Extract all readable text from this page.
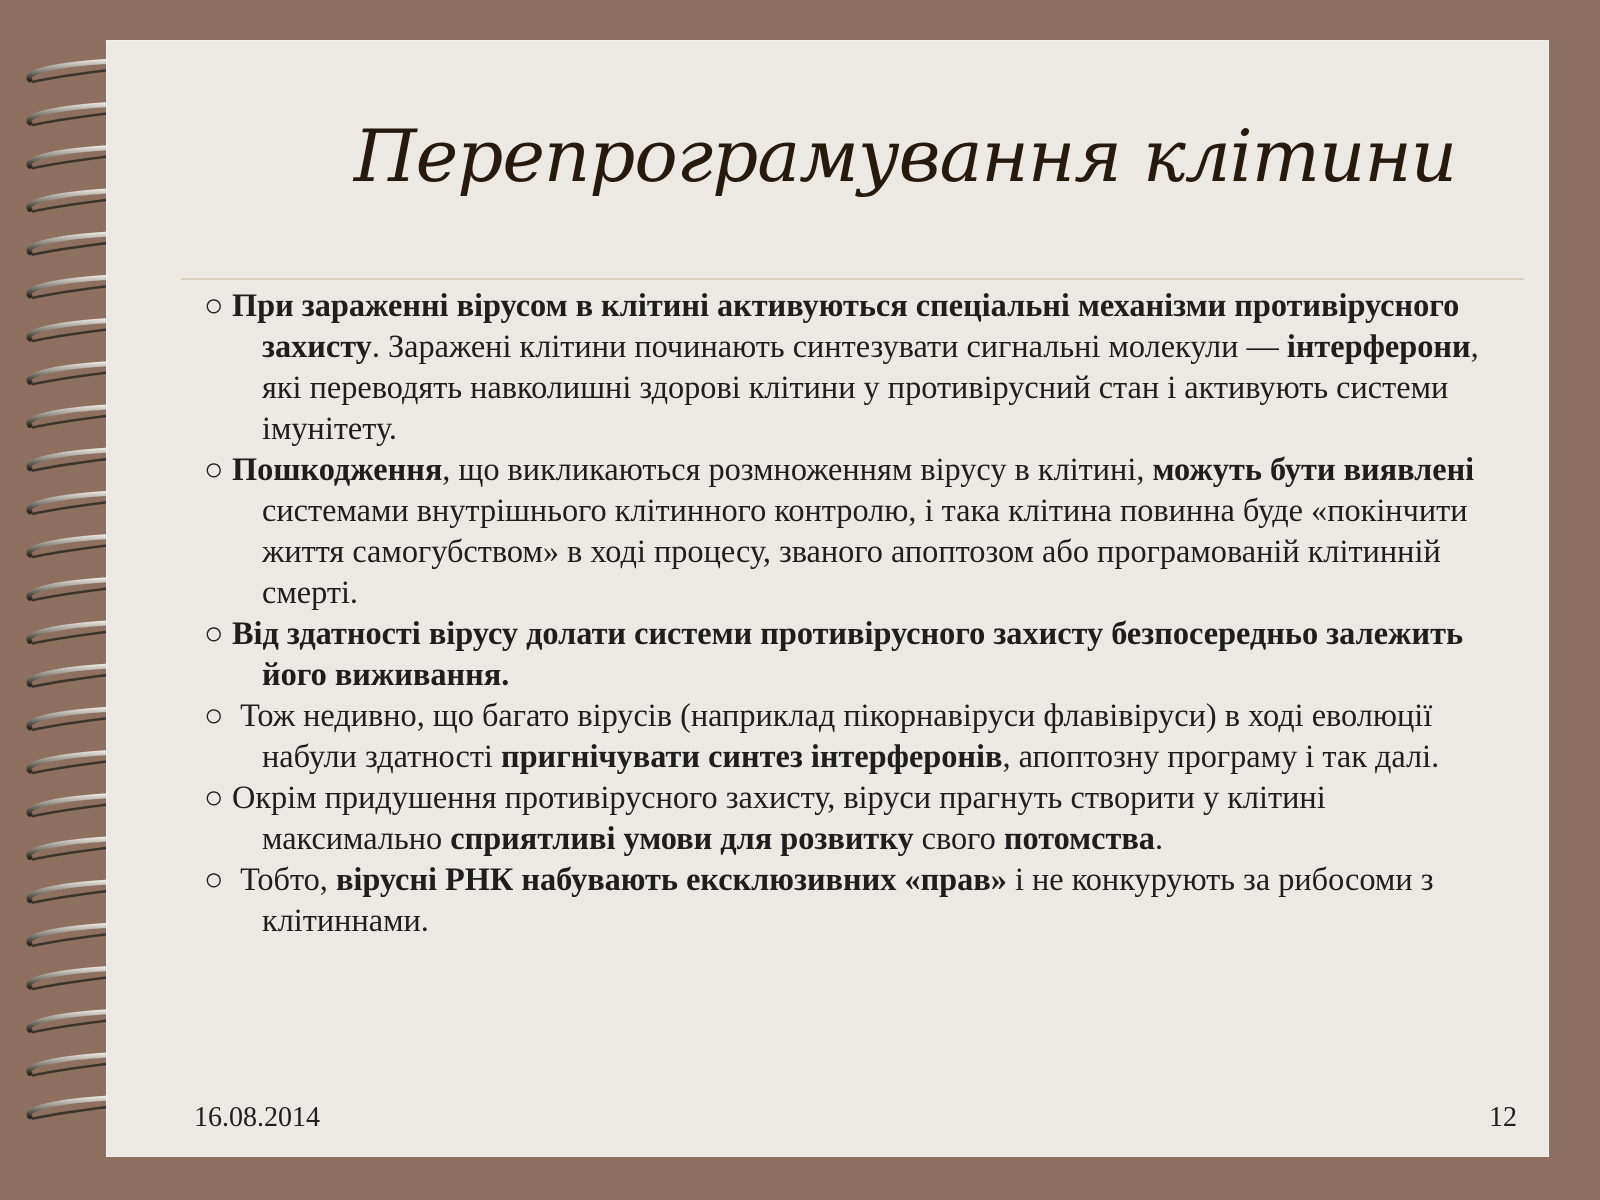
Перепрограмування клітини
○ При зараженні вірусом в клітині активуються спеціальні механізми противірусного захисту. Заражені клітини починають синтезувати сигнальні молекули — інтерферони, які переводять навколишні здорові клітини у противірусний стан і активують системи імунітету.
○ Пошкодження, що викликаються розмноженням вірусу в клітині, можуть бути виявлені системами внутрішнього клітинного контролю, і така клітина повинна буде «покінчити життя самогубством» в ході процесу, званого апоптозом або програмованій клітинній смерті.
○ Від здатності вірусу долати системи противірусного захисту безпосередньо залежить його виживання.
○ Тож недивно, що багато вірусів (наприклад пікорнавіруси флавівіруси) в ході еволюції набули здатності пригнічувати синтез інтерферонів, апоптозну програму і так далі.
○ Окрім придушення противірусного захисту, віруси прагнуть створити у клітині максимально сприятливі умови для розвитку свого потомства.
○ Тобто, вірусні РНК набувають ексклюзивних «прав» і не конкурують за рибосоми з клітиннами.
16.08.2014	12
